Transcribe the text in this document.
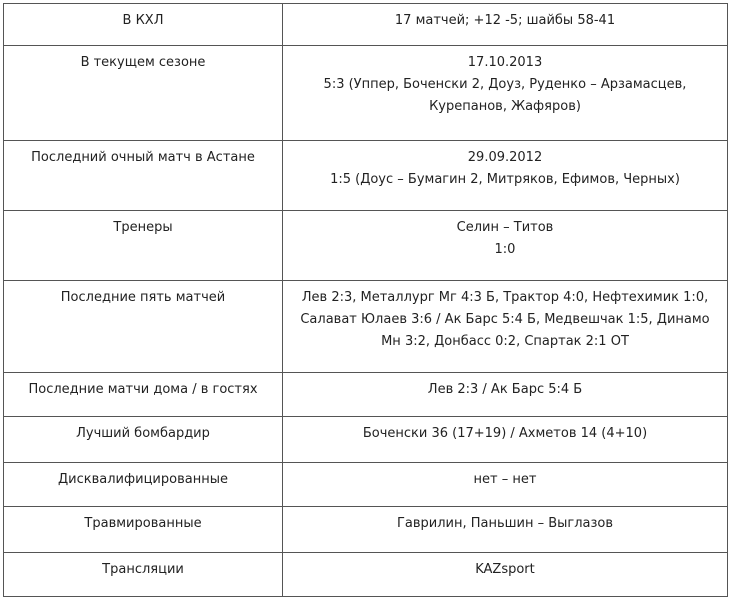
В КХЛ	17 матчей; +12 -5; шайбы 58-41

В текущем сезоне	17.10.2013
5:3 (Уппер, Боченски 2, Доуз, Руденко – Арзамасцев, Курепанов, Жафяров)

Последний очный матч в Астане	29.09.2012
1:5 (Доус – Бумагин 2, Митряков, Ефимов, Черных)

Тренеры	Селин – Титов
1:0

Последние пять матчей	Лев 2:3, Металлург Мг 4:3 Б, Трактор 4:0, Нефтехимик 1:0, Салават Юлаев 3:6 / Ак Барс 5:4 Б, Медвешчак 1:5, Динамо Мн 3:2, Донбасс 0:2, Спартак 2:1 ОТ

Последние матчи дома / в гостях	Лев 2:3 / Ак Барс 5:4 Б

Лучший бомбардир	Боченски 36 (17+19) / Ахметов 14 (4+10)

Дисквалифицированные	нет – нет

Травмированные	Гаврилин, Паньшин – Выглазов

Трансляции	KAZsport
